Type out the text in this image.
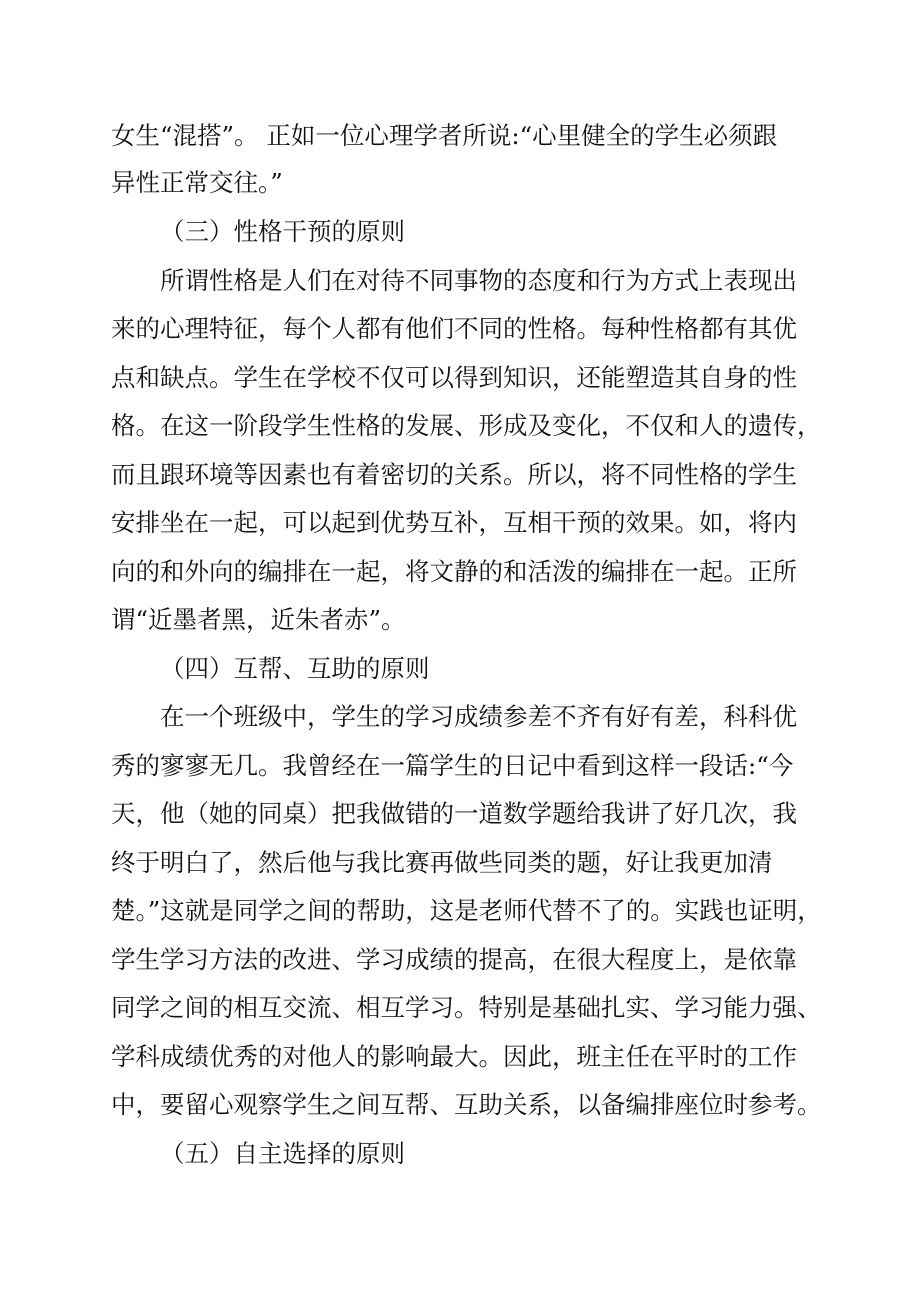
女生“混搭”。 正如一位心理学者所说:“心里健全的学生必须跟
异性正常交往。”
（三）性格干预的原则
所谓性格是人们在对待不同事物的态度和行为方式上表现出
来的心理特征，每个人都有他们不同的性格。每种性格都有其优
点和缺点。学生在学校不仅可以得到知识，还能塑造其自身的性
格。在这一阶段学生性格的发展、形成及变化，不仅和人的遗传，
而且跟环境等因素也有着密切的关系。所以，将不同性格的学生
安排坐在一起，可以起到优势互补，互相干预的效果。如，将内
向的和外向的编排在一起，将文静的和活泼的编排在一起。正所
谓“近墨者黑，近朱者赤”。
（四）互帮、互助的原则
在一个班级中，学生的学习成绩参差不齐有好有差，科科优
秀的寥寥无几。我曾经在一篇学生的日记中看到这样一段话:“今
天，他（她的同桌）把我做错的一道数学题给我讲了好几次，我
终于明白了，然后他与我比赛再做些同类的题，好让我更加清
楚。”这就是同学之间的帮助，这是老师代替不了的。实践也证明，
学生学习方法的改进、学习成绩的提高，在很大程度上，是依靠
同学之间的相互交流、相互学习。特别是基础扎实、学习能力强、
学科成绩优秀的对他人的影响最大。因此，班主任在平时的工作
中，要留心观察学生之间互帮、互助关系，以备编排座位时参考。
（五）自主选择的原则
